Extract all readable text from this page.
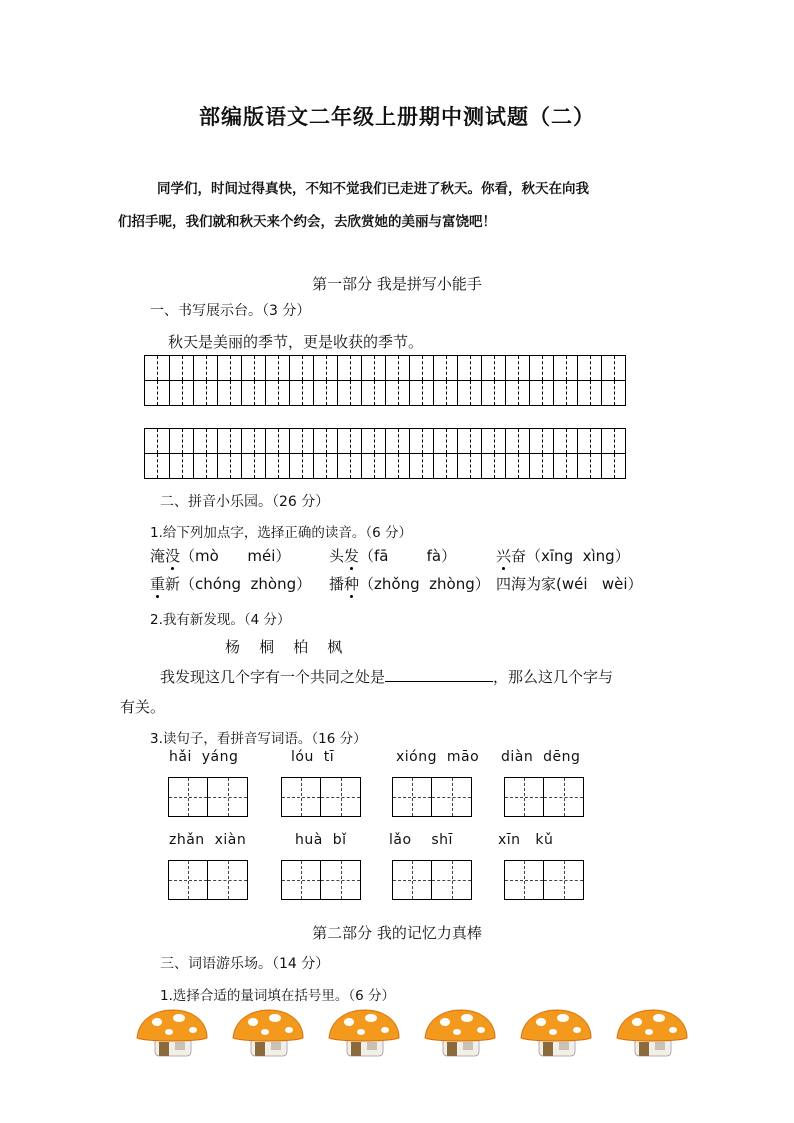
部编版语文二年级上册期中测试题（二）
同学们，时间过得真快，不知不觉我们已走进了秋天。你看，秋天在向我
们招手呢，我们就和秋天来个约会，去欣赏她的美丽与富饶吧！
第一部分 我是拼写小能手
一、书写展示台。（3 分）
秋天是美丽的季节，更是收获的季节。
二、拼音小乐园。（26 分）
1.给下列加点字，选择正确的读音。（6 分）
淹没（mò      méi）	头发（fā        fà）	兴奋（xīng  xìng）
重新（chóng  zhòng） 播种（zhǒng  zhòng） 四海为家(wéi   wèi）
2.我有新发现。（4 分）
杨    桐    柏    枫
我发现这几个字有一个共同之处是	，那么这几个字与
有关。
3.读句子，看拼音写词语。（16 分）
hǎi  yáng	lóu  tī	xióng  māo diàn  dēng
zhǎn  xiàn	huà  bǐ	lǎo    shī	xīn   kǔ
第二部分 我的记忆力真棒
三、词语游乐场。（14 分）
1.选择合适的量词填在括号里。（6 分）
